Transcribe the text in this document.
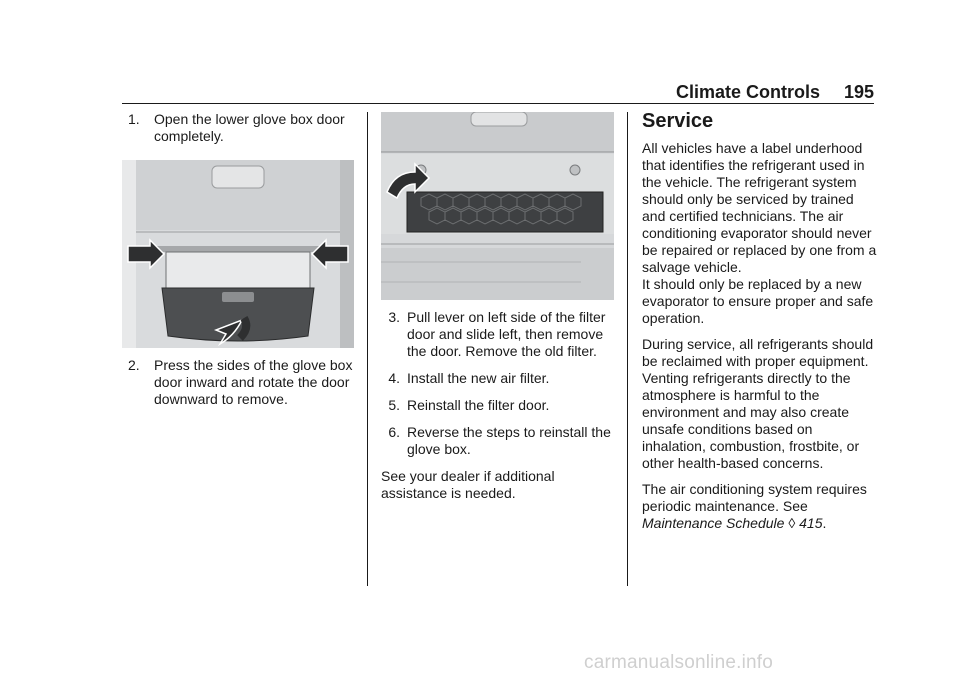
Climate Controls 195
1.	Open the lower glove box door completely.
2.	Press the sides of the glove box door inward and rotate the door downward to remove.
3. Pull lever on left side of the filter door and slide left, then remove the door. Remove the old filter.
4. Install the new air filter.
5. Reinstall the filter door.
6. Reverse the steps to reinstall the glove box.

See your dealer if additional assistance is needed.

Service

All vehicles have a label underhood that identifies the refrigerant used in the vehicle. The refrigerant system should only be serviced by trained and certified technicians. The air conditioning evaporator should never be repaired or replaced by one from a salvage vehicle.

It should only be replaced by a new evaporator to ensure proper and safe operation.

During service, all refrigerants should be reclaimed with proper equipment. Venting refrigerants directly to the atmosphere is harmful to the environment and may also create unsafe conditions based on inhalation, combustion, frostbite, or other health-based concerns.

The air conditioning system requires periodic maintenance. See Maintenance Schedule ◊ 415.

carmanualsonline.info
